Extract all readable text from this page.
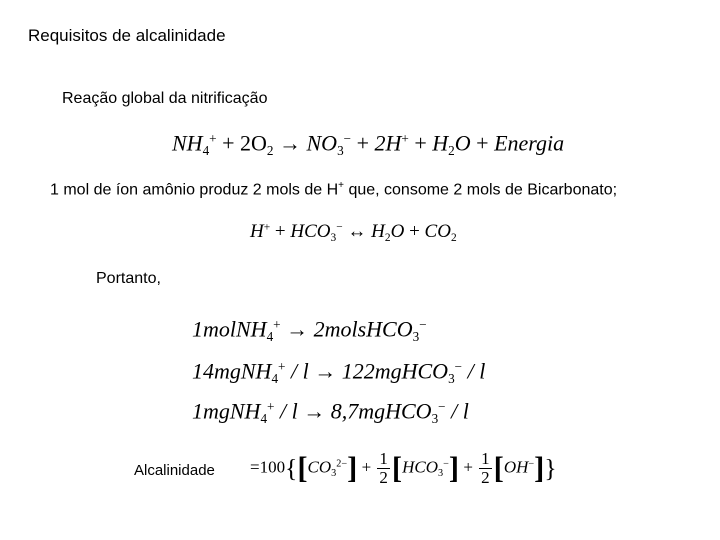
Requisitos de alcalinidade
Reação global da nitrificação
$NH_4^+ + 2O_2 \to NO_3^- + 2H^+ + H_2O$ + Energia
1 mol de íon amônio produz 2 mols de H+ que, consome 2 mols de Bicarbonato;
$H^+ + HCO_3^-$ ↔ $H_2O + CO_2$
Portanto,
1molNH$_4$+ → 2molsHCO$_3$−
14mgNH$_4$+ / l → 122mgHCO$_3$− / l
1mgNH$_4$+ / l → 8,7mgHCO$_3$− / l
Alcalinidade $=100\{[CO_3^{2-}] + \frac{1}{2} [HCO_3^-] + \frac{1}{2} [OH^-]\}$
